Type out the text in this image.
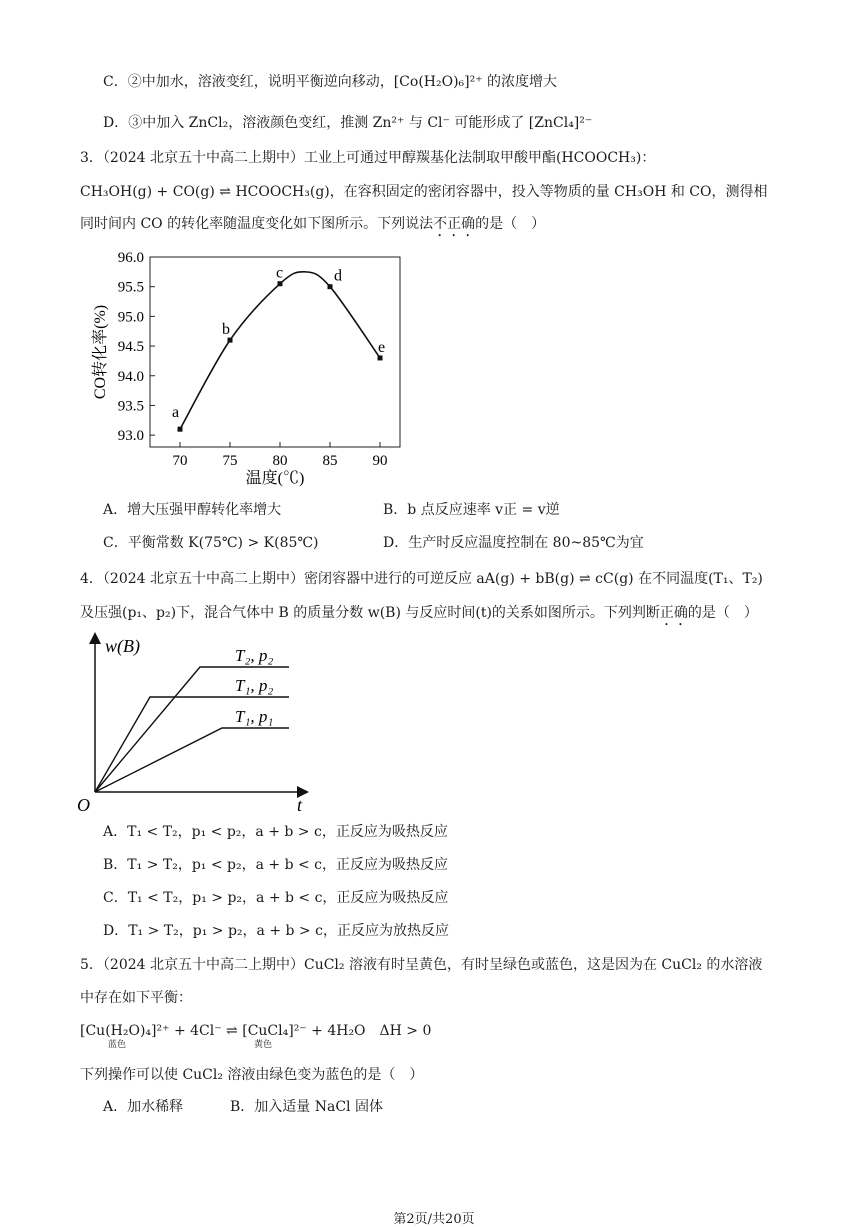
C．②中加水，溶液变红，说明平衡逆向移动，[Co(H₂O)₆]²⁺ 的浓度增大
D．③中加入 ZnCl₂，溶液颜色变红，推测 Zn²⁺ 与 Cl⁻ 可能形成了 [ZnCl₄]²⁻
3．（2024 北京五十中高二上期中）工业上可通过甲醇羰基化法制取甲酸甲酯(HCOOCH₃)：
CH₃OH(g) + CO(g) ⇌ HCOOCH₃(g)，在容积固定的密闭容器中，投入等物质的量 CH₃OH 和 CO，测得相
同时间内 CO 的转化率随温度变化如下图所示。下列说法不正确的是（　）
93.0
93.5
94.0
94.5
95.0
95.5
96.0
70 75 80 85 90
a
b
c	d
e
CO转化率(%)
温度(℃)
A．增大压强甲醇转化率增大	B．b 点反应速率 v正 = v逆
C．平衡常数 K(75℃) > K(85℃)	D．生产时反应温度控制在 80~85℃为宜
4．（2024 北京五十中高二上期中）密闭容器中进行的可逆反应 aA(g) + bB(g) ⇌ cC(g) 在不同温度(T₁、T₂)
及压强(p₁、p₂)下，混合气体中 B 的质量分数 w(B) 与反应时间(t)的关系如图所示。下列判断正确的是（　）
w(B)
t
O
T₂, p₂
T₁, p₂
T₁, p₁
A．T₁ < T₂，p₁ < p₂，a + b > c，正反应为吸热反应
B．T₁ > T₂，p₁ < p₂，a + b < c，正反应为吸热反应
C．T₁ < T₂，p₁ > p₂，a + b < c，正反应为吸热反应
D．T₁ > T₂，p₁ > p₂，a + b > c，正反应为放热反应
5．（2024 北京五十中高二上期中）CuCl₂ 溶液有时呈黄色，有时呈绿色或蓝色，这是因为在 CuCl₂ 的水溶液
中存在如下平衡：
[Cu(H₂O)₄]²⁺ + 4Cl⁻ ⇌ [CuCl₄]²⁻ + 4H₂O　ΔH > 0
蓝色	黄色
下列操作可以使 CuCl₂ 溶液由绿色变为蓝色的是（　）
A．加水稀释	B．加入适量 NaCl 固体
第2页/共20页
